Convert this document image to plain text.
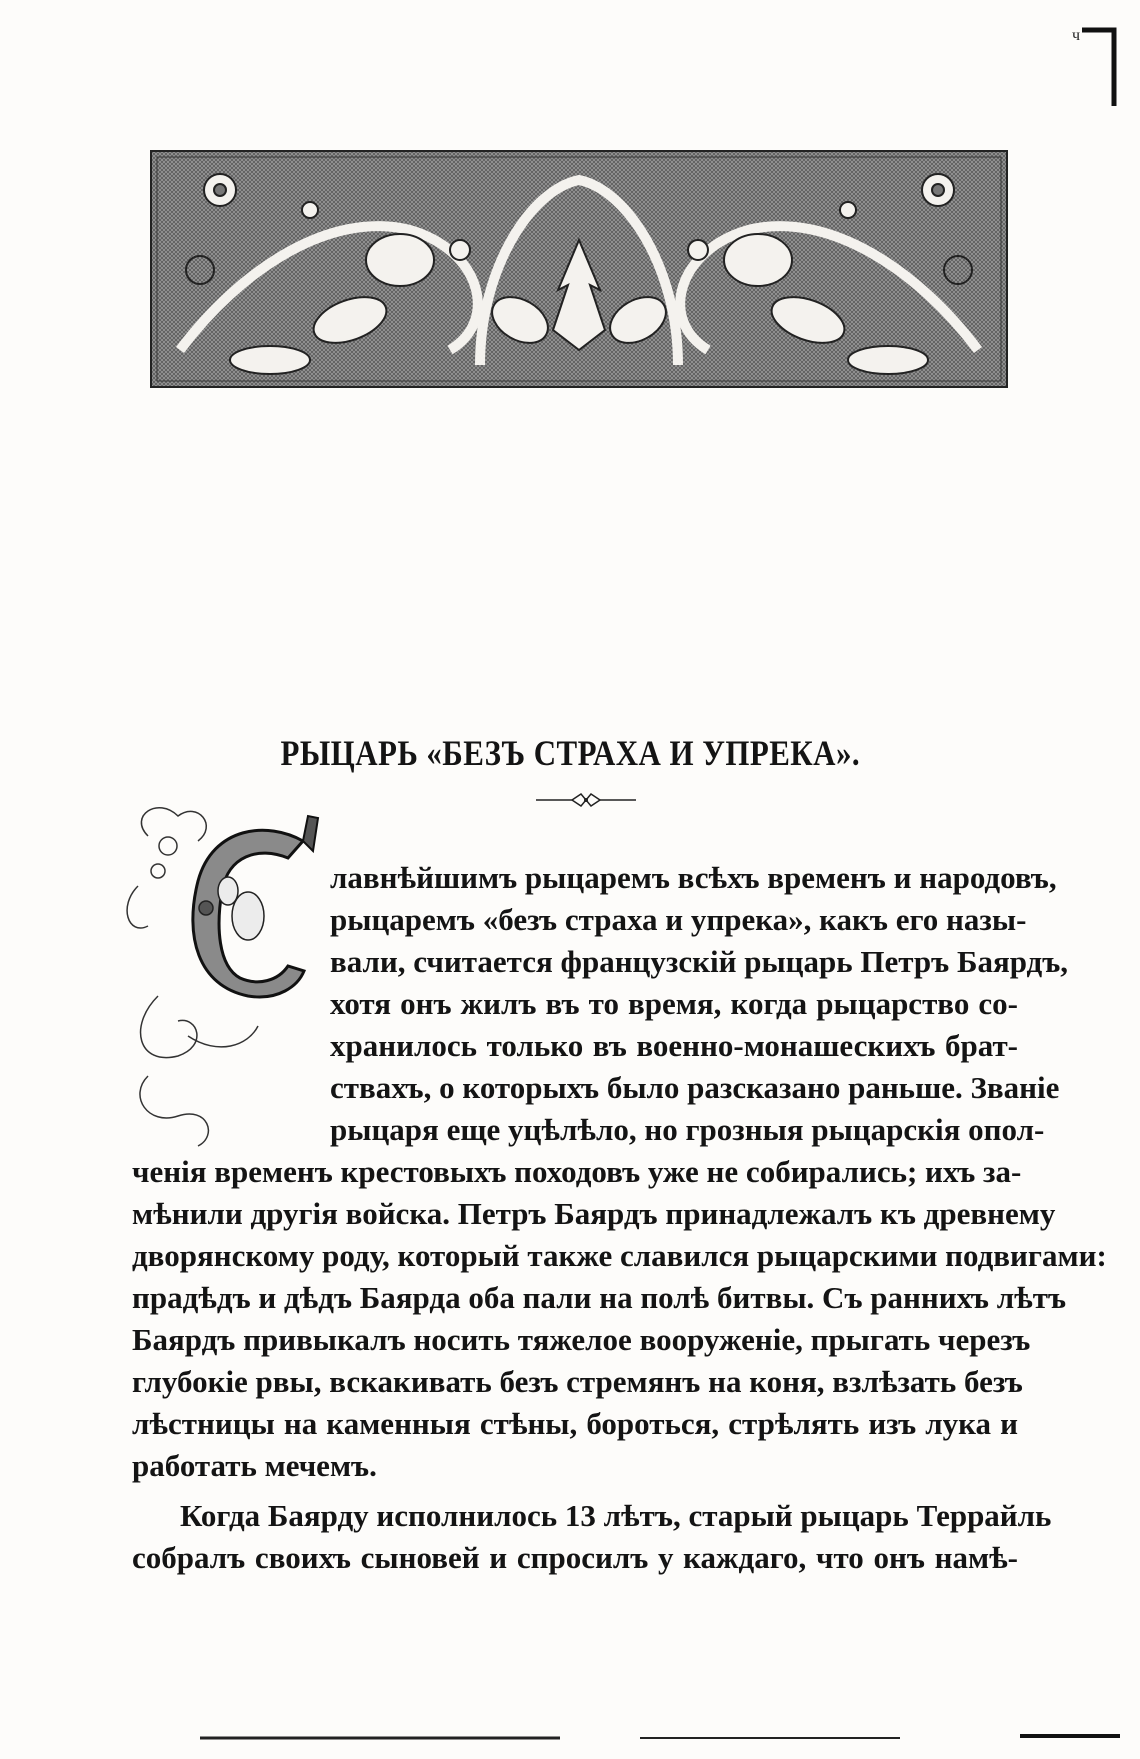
ч
РЫЦАРЬ «БЕЗЪ СТРАХА И УПРЕКА».
С

лавнѣйшимъ рыцаремъ всѣхъ временъ и народовъ,

рыцаремъ «безъ страха и упрека», какъ его назы-

вали, считается французскій рыцарь Петръ Баярдъ,

хотя онъ жилъ въ то время, когда рыцарство со-

хранилось только въ военно-монашескихъ брат-

ствахъ, о которыхъ было разсказано раньше. Званіе

рыцаря еще уцѣлѣло, но грозныя рыцарскія опол-

ченія временъ крестовыхъ походовъ уже не собирались; ихъ за-

мѣнили другія войска. Петръ Баярдъ принадлежалъ къ древнему

дворянскому роду, который также славился рыцарскими подвигами:

прадѣдъ и дѣдъ Баярда оба пали на полѣ битвы. Съ раннихъ лѣтъ

Баярдъ привыкалъ носить тяжелое вооруженіе, прыгать черезъ

глубокіе рвы, вскакивать безъ стремянъ на коня, взлѣзать безъ

лѣстницы на каменныя стѣны, бороться, стрѣлять изъ лука и

работать мечемъ.

Когда Баярду исполнилось 13 лѣтъ, старый рыцарь Террайль

собралъ своихъ сыновей и спросилъ у каждаго, что онъ намѣ-
